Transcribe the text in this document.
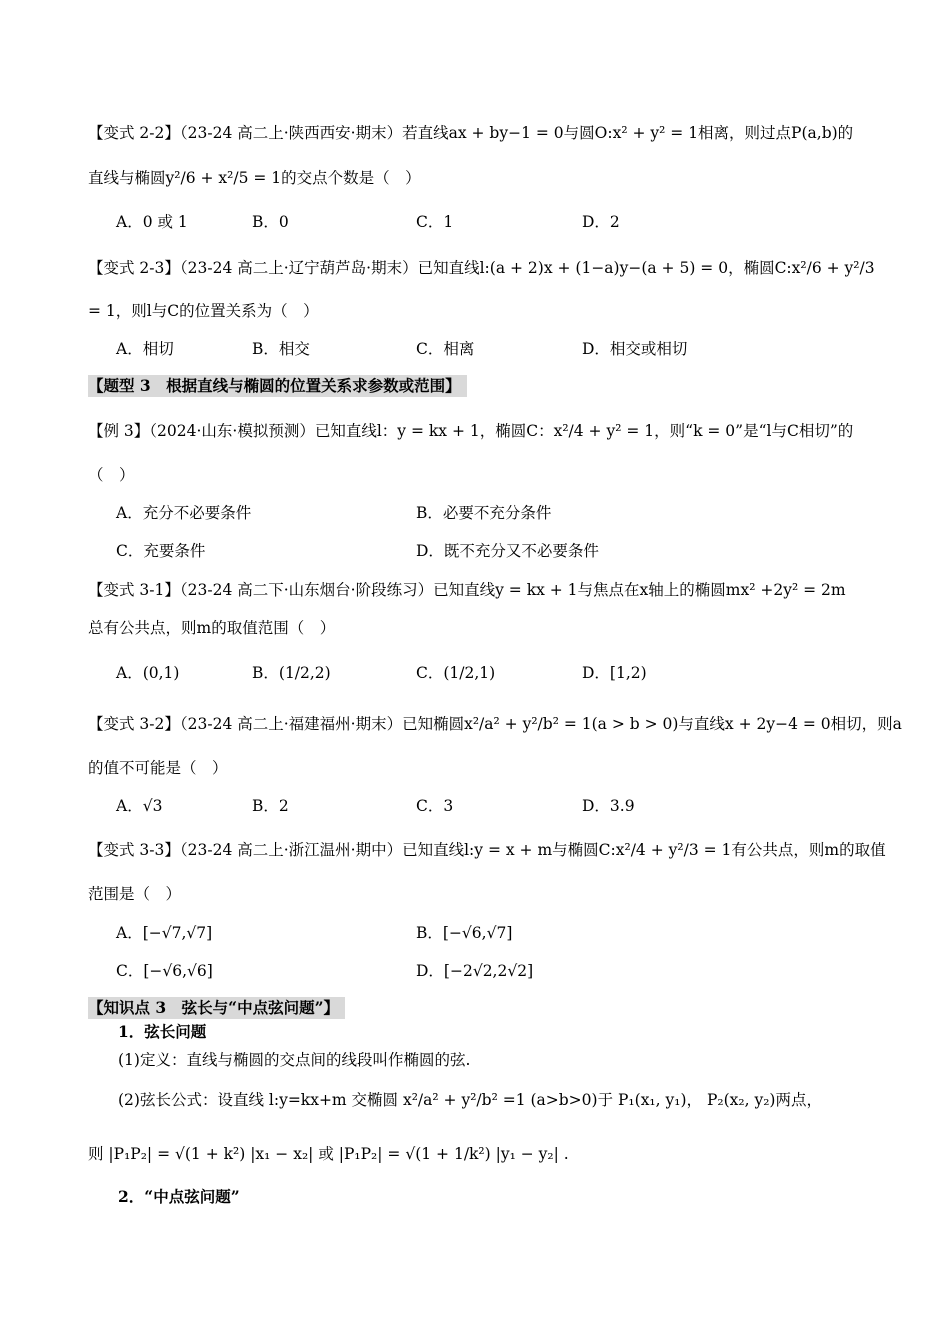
【变式 2-2】（23-24 高二上·陕西西安·期末）若直线ax + by−1 = 0与圆O:x² + y² = 1相离，则过点P(a,b)的
直线与椭圆y²/6 + x²/5 = 1的交点个数是（　）
A．0 或 1	B．0	C．1	D．2
【变式 2-3】（23-24 高二上·辽宁葫芦岛·期末）已知直线l:(a + 2)x + (1−a)y−(a + 5) = 0，椭圆C:x²/6 + y²/3
= 1，则l与C的位置关系为（　）
A．相切	B．相交	C．相离	D．相交或相切
【题型 3　根据直线与椭圆的位置关系求参数或范围】
【例 3】（2024·山东·模拟预测）已知直线l：y = kx + 1，椭圆C：x²/4 + y² = 1，则“k = 0”是“l与C相切”的
（　）
A．充分不必要条件	B．必要不充分条件
C．充要条件	D．既不充分又不必要条件
【变式 3-1】（23-24 高二下·山东烟台·阶段练习）已知直线y = kx + 1与焦点在x轴上的椭圆mx² +2y² = 2m
总有公共点，则m的取值范围（　）
A．(0,1)	B．(1/2,2)	C．(1/2,1)	D．[1,2)
【变式 3-2】（23-24 高二上·福建福州·期末）已知椭圆x²/a² + y²/b² = 1(a > b > 0)与直线x + 2y−4 = 0相切，则a
的值不可能是（　）
A．√3	B．2	C．3	D．3.9
【变式 3-3】（23-24 高二上·浙江温州·期中）已知直线l:y = x + m与椭圆C:x²/4 + y²/3 = 1有公共点，则m的取值
范围是（　）
A．[−√7,√7]	B．[−√6,√7]
C．[−√6,√6]	D．[−2√2,2√2]
【知识点 3　弦长与“中点弦问题”】
1．弦长问题
(1)定义：直线与椭圆的交点间的线段叫作椭圆的弦.
(2)弦长公式：设直线 l:y=kx+m 交椭圆 x²/a² + y²/b² =1 (a>b>0)于 P₁(x₁, y₁)， P₂(x₂, y₂)两点，
则 |P₁P₂| = √(1 + k²) |x₁ − x₂| 或 |P₁P₂| = √(1 + 1/k²) |y₁ − y₂| .
2．“中点弦问题”
